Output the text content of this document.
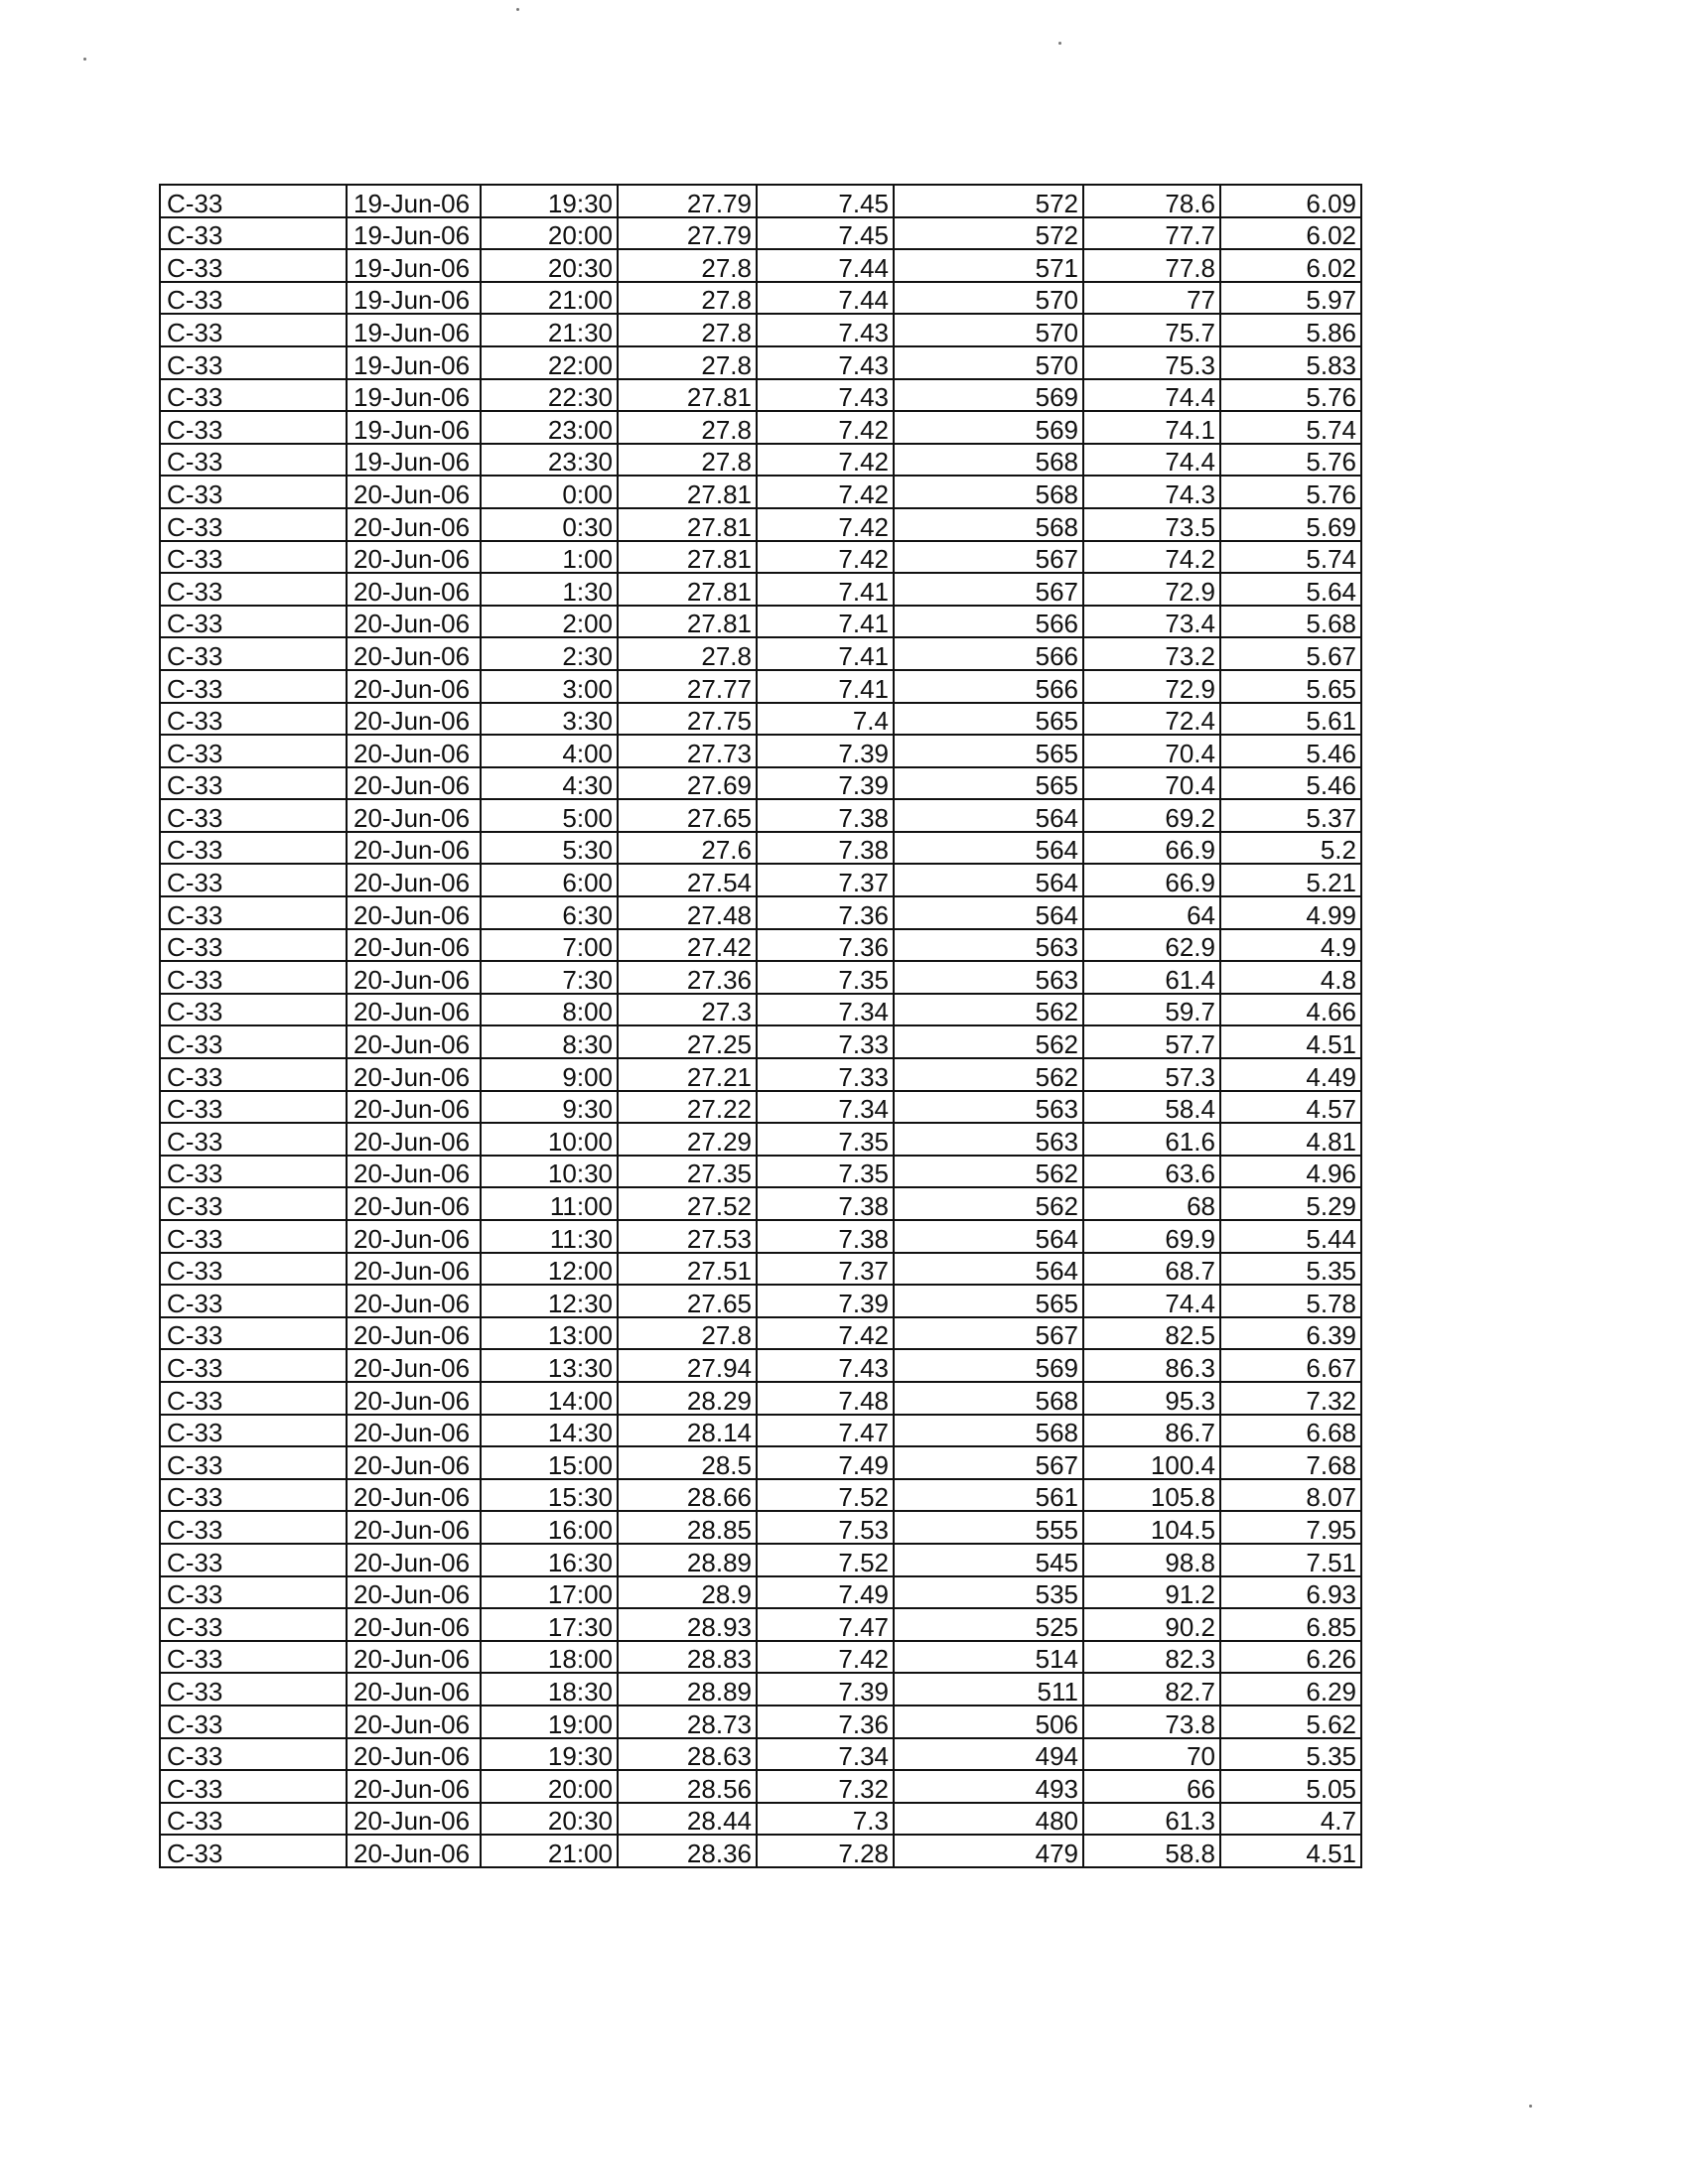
C-33	19-Jun-06	19:30	27.79	7.45	572	78.6	6.09
C-33	19-Jun-06	20:00	27.79	7.45	572	77.7	6.02
C-33	19-Jun-06	20:30	27.8	7.44	571	77.8	6.02
C-33	19-Jun-06	21:00	27.8	7.44	570	77	5.97
C-33	19-Jun-06	21:30	27.8	7.43	570	75.7	5.86
C-33	19-Jun-06	22:00	27.8	7.43	570	75.3	5.83
C-33	19-Jun-06	22:30	27.81	7.43	569	74.4	5.76
C-33	19-Jun-06	23:00	27.8	7.42	569	74.1	5.74
C-33	19-Jun-06	23:30	27.8	7.42	568	74.4	5.76
C-33	20-Jun-06	0:00	27.81	7.42	568	74.3	5.76
C-33	20-Jun-06	0:30	27.81	7.42	568	73.5	5.69
C-33	20-Jun-06	1:00	27.81	7.42	567	74.2	5.74
C-33	20-Jun-06	1:30	27.81	7.41	567	72.9	5.64
C-33	20-Jun-06	2:00	27.81	7.41	566	73.4	5.68
C-33	20-Jun-06	2:30	27.8	7.41	566	73.2	5.67
C-33	20-Jun-06	3:00	27.77	7.41	566	72.9	5.65
C-33	20-Jun-06	3:30	27.75	7.4	565	72.4	5.61
C-33	20-Jun-06	4:00	27.73	7.39	565	70.4	5.46
C-33	20-Jun-06	4:30	27.69	7.39	565	70.4	5.46
C-33	20-Jun-06	5:00	27.65	7.38	564	69.2	5.37
C-33	20-Jun-06	5:30	27.6	7.38	564	66.9	5.2
C-33	20-Jun-06	6:00	27.54	7.37	564	66.9	5.21
C-33	20-Jun-06	6:30	27.48	7.36	564	64	4.99
C-33	20-Jun-06	7:00	27.42	7.36	563	62.9	4.9
C-33	20-Jun-06	7:30	27.36	7.35	563	61.4	4.8
C-33	20-Jun-06	8:00	27.3	7.34	562	59.7	4.66
C-33	20-Jun-06	8:30	27.25	7.33	562	57.7	4.51
C-33	20-Jun-06	9:00	27.21	7.33	562	57.3	4.49
C-33	20-Jun-06	9:30	27.22	7.34	563	58.4	4.57
C-33	20-Jun-06	10:00	27.29	7.35	563	61.6	4.81
C-33	20-Jun-06	10:30	27.35	7.35	562	63.6	4.96
C-33	20-Jun-06	11:00	27.52	7.38	562	68	5.29
C-33	20-Jun-06	11:30	27.53	7.38	564	69.9	5.44
C-33	20-Jun-06	12:00	27.51	7.37	564	68.7	5.35
C-33	20-Jun-06	12:30	27.65	7.39	565	74.4	5.78
C-33	20-Jun-06	13:00	27.8	7.42	567	82.5	6.39
C-33	20-Jun-06	13:30	27.94	7.43	569	86.3	6.67
C-33	20-Jun-06	14:00	28.29	7.48	568	95.3	7.32
C-33	20-Jun-06	14:30	28.14	7.47	568	86.7	6.68
C-33	20-Jun-06	15:00	28.5	7.49	567	100.4	7.68
C-33	20-Jun-06	15:30	28.66	7.52	561	105.8	8.07
C-33	20-Jun-06	16:00	28.85	7.53	555	104.5	7.95
C-33	20-Jun-06	16:30	28.89	7.52	545	98.8	7.51
C-33	20-Jun-06	17:00	28.9	7.49	535	91.2	6.93
C-33	20-Jun-06	17:30	28.93	7.47	525	90.2	6.85
C-33	20-Jun-06	18:00	28.83	7.42	514	82.3	6.26
C-33	20-Jun-06	18:30	28.89	7.39	511	82.7	6.29
C-33	20-Jun-06	19:00	28.73	7.36	506	73.8	5.62
C-33	20-Jun-06	19:30	28.63	7.34	494	70	5.35
C-33	20-Jun-06	20:00	28.56	7.32	493	66	5.05
C-33	20-Jun-06	20:30	28.44	7.3	480	61.3	4.7
C-33	20-Jun-06	21:00	28.36	7.28	479	58.8	4.51
